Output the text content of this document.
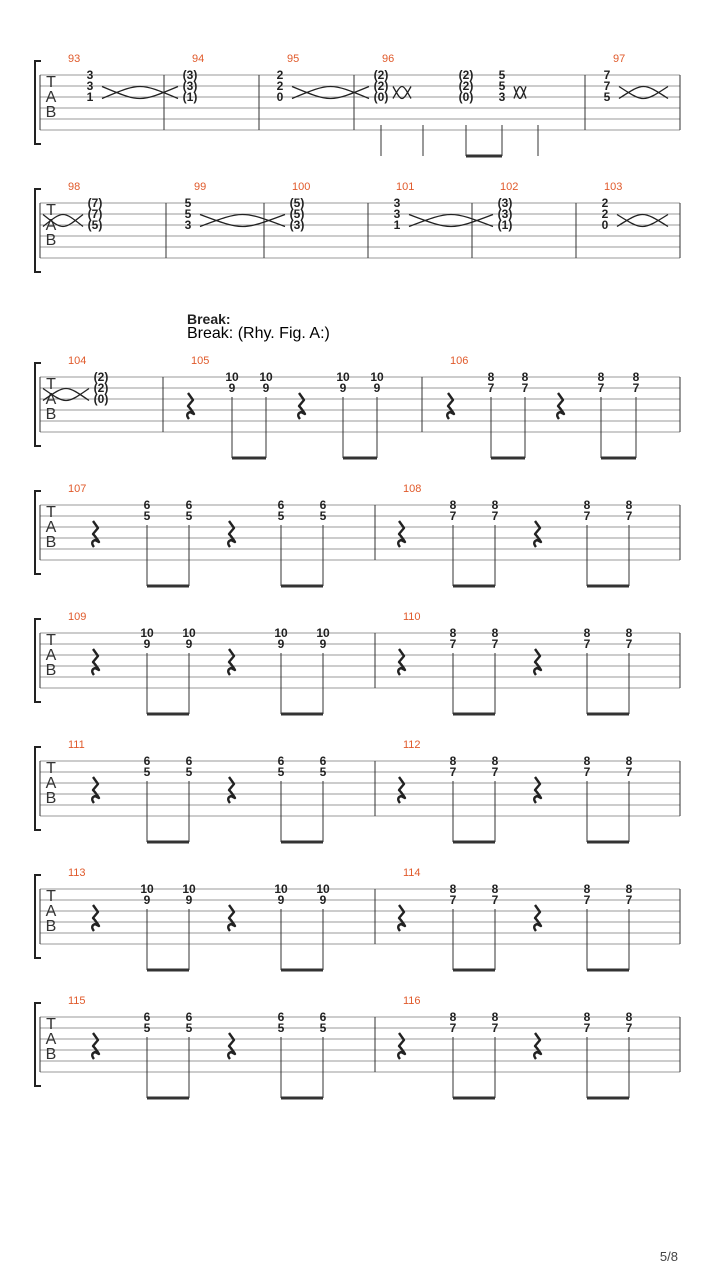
Break:
Break: (Rhy. Fig. A:)
T
A
B
93
3
3
1
94
(3)
(3)
(1)
95
2
2
0
96
(2)
(2)
(0)
(2)
(2)
(0)
5
5
3
97
7
7
5
T
A
B
98
(7)
(7)
(5)
99
5
5
3
100
(5)
(5)
(3)
101
3
3
1
102
(3)
(3)
(1)
103
2
2
0
T
A
B
104
(2)
(2)
(0)
105
10
9
10
9
10
9
10
9
106
8
7
8
7
8
7
8
7
T
A
B
107
6
5
6
5
6
5
6
5
108
8
7
8
7
8
7
8
7
T
A
B
109
10
9
10
9
10
9
10
9
110
8
7
8
7
8
7
8
7
T
A
B
111
6
5
6
5
6
5
6
5
112
8
7
8
7
8
7
8
7
T
A
B
113
10
9
10
9
10
9
10
9
114
8
7
8
7
8
7
8
7
T
A
B
115
6
5
6
5
6
5
6
5
116
8
7
8
7
8
7
8
7
5/8
